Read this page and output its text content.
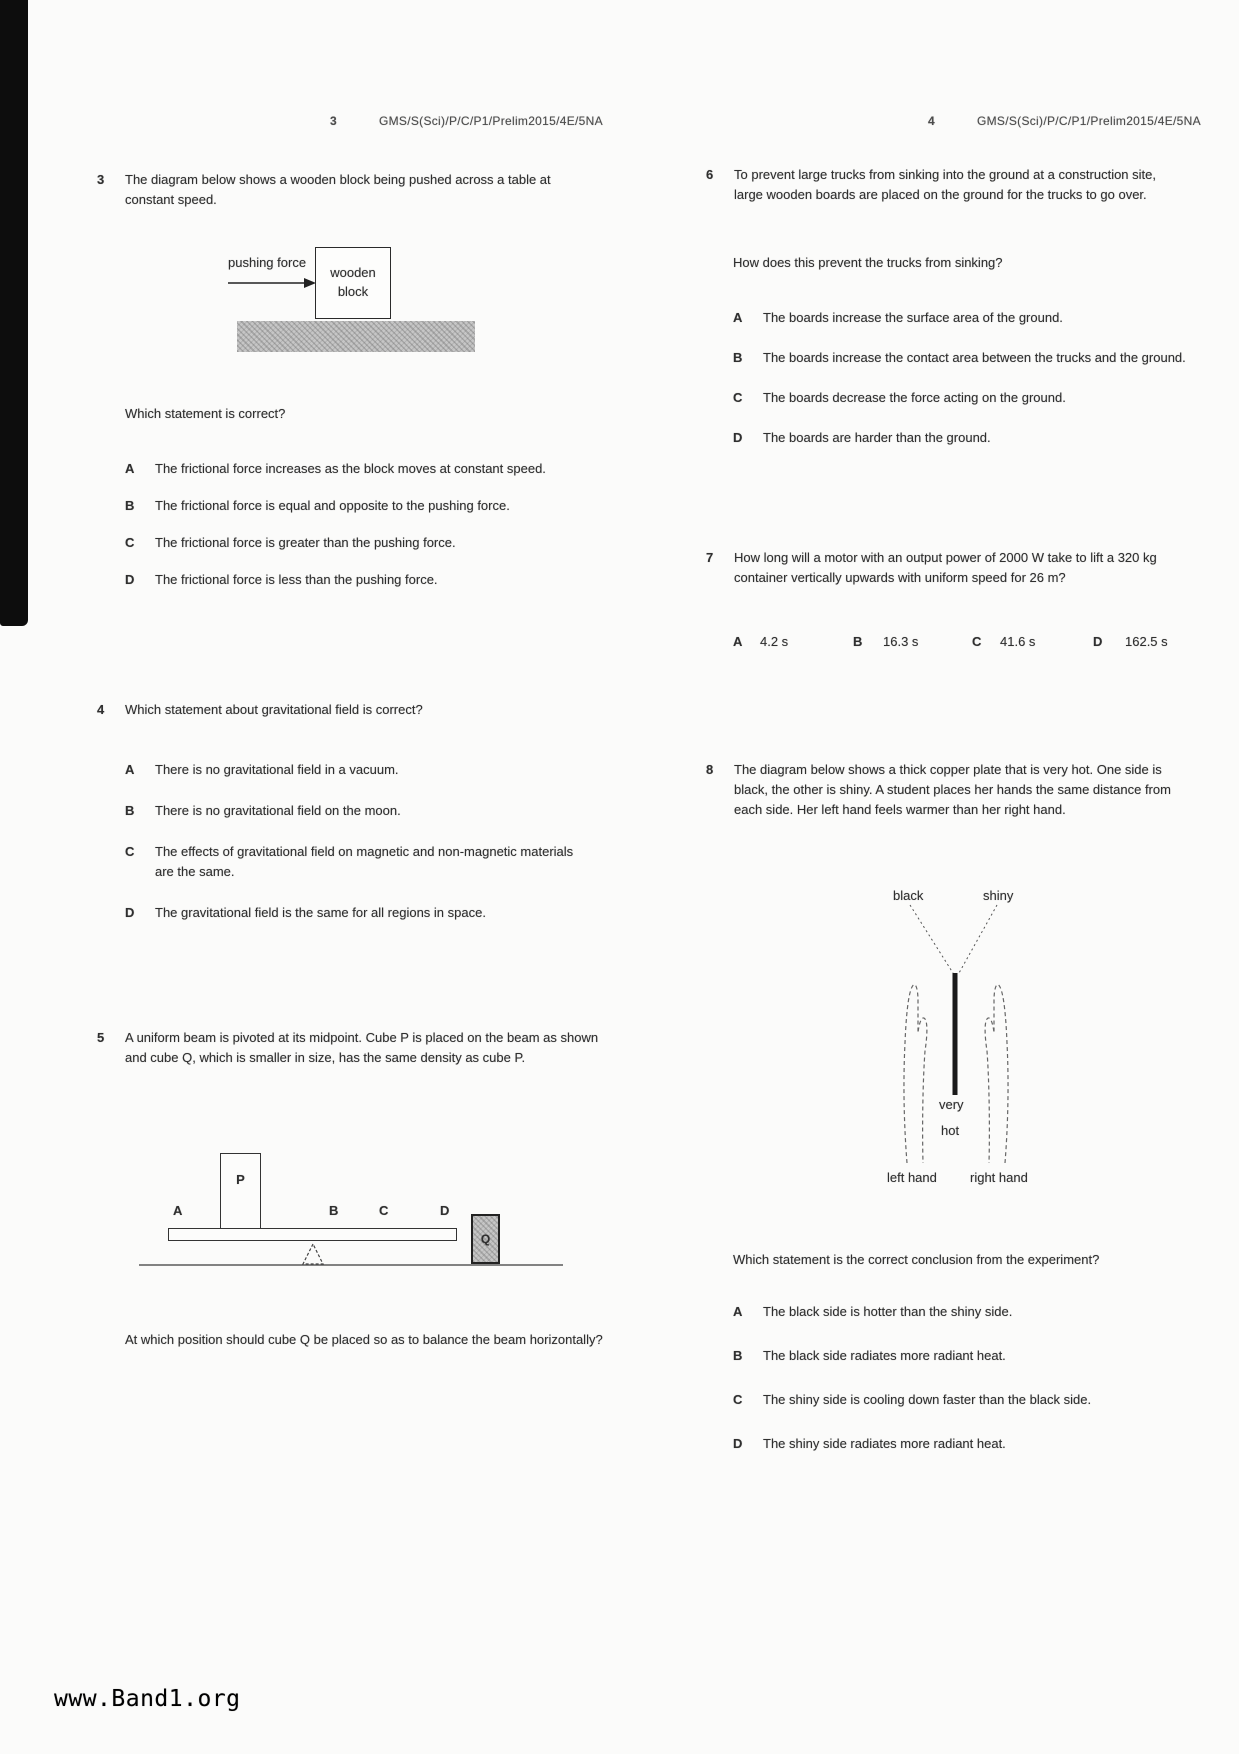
3	GMS/S(Sci)/P/C/P1/Prelim2015/4E/5NA
3	The diagram below shows a wooden block being pushed across a table at constant speed.
pushing force
wooden
block
Which statement is correct?
A	The frictional force increases as the block moves at constant speed.
B	The frictional force is equal and opposite to the pushing force.
C	The frictional force is greater than the pushing force.
D	The frictional force is less than the pushing force.
4	Which statement about gravitational field is correct?
A	There is no gravitational field in a vacuum.
B	There is no gravitational field on the moon.
C	The effects of gravitational field on magnetic and non-magnetic materials are the same.
D	The gravitational field is the same for all regions in space.
5	A uniform beam is pivoted at its midpoint. Cube P is placed on the beam as shown and cube Q, which is smaller in size, has the same density as cube P.
P
Q
A	B	C	D
At which position should cube Q be placed so as to balance the beam horizontally?
4	GMS/S(Sci)/P/C/P1/Prelim2015/4E/5NA
6	To prevent large trucks from sinking into the ground at a construction site, large wooden boards are placed on the ground for the trucks to go over.
How does this prevent the trucks from sinking?
A	The boards increase the surface area of the ground.
B	The boards increase the contact area between the trucks and the ground.
C	The boards decrease the force acting on the ground.
D	The boards are harder than the ground.
7	How long will a motor with an output power of 2000 W take to lift a 320 kg container vertically upwards with uniform speed for 26 m?
A 4.2 s	B 16.3 s	C 41.6 s	D 162.5 s
8	The diagram below shows a thick copper plate that is very hot. One side is black, the other is shiny. A student places her hands the same distance from each side. Her left hand feels warmer than her right hand.
black	shiny
very
hot
left hand	right hand
Which statement is the correct conclusion from the experiment?
A	The black side is hotter than the shiny side.
B	The black side radiates more radiant heat.
C	The shiny side is cooling down faster than the black side.
D	The shiny side radiates more radiant heat.
www.Band1.org
